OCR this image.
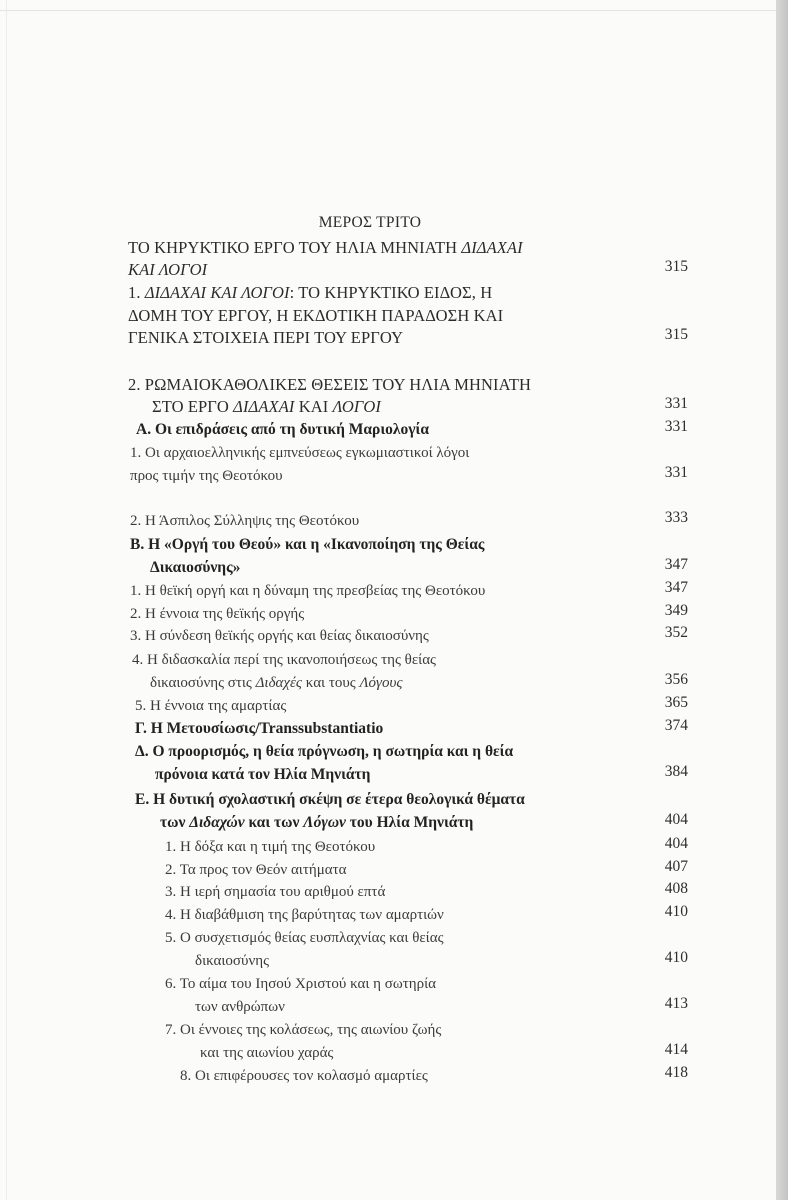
ΜΕΡΟΣ ΤΡΙΤΟ
ΤΟ ΚΗΡΥΚΤΙΚΟ ΕΡΓΟ ΤΟΥ ΗΛΙΑ ΜΗΝΙΑΤΗ ΔΙΔΑΧΑΙ
ΚΑΙ ΛΟΓΟΙ	315
1. ΔΙΔΑΧΑΙ ΚΑΙ ΛΟΓΟΙ: ΤΟ ΚΗΡΥΚΤΙΚΟ ΕΙΔΟΣ, Η
ΔΟΜΗ ΤΟΥ ΕΡΓΟΥ, Η ΕΚΔΟΤΙΚΗ ΠΑΡΑΔΟΣΗ ΚΑΙ
ΓΕΝΙΚΑ ΣΤΟΙΧΕΙΑ ΠΕΡΙ ΤΟΥ ΕΡΓΟΥ	315
2. ΡΩΜΑΙΟΚΑΘΟΛΙΚΕΣ ΘΕΣΕΙΣ ΤΟΥ ΗΛΙΑ ΜΗΝΙΑΤΗ
ΣΤΟ ΕΡΓΟ ΔΙΔΑΧΑΙ ΚΑΙ ΛΟΓΟΙ	331
Α. Οι επιδράσεις από τη δυτική Μαριολογία	331
1. Οι αρχαιοελληνικής εμπνεύσεως εγκωμιαστικοί λόγοι
προς τιμήν της Θεοτόκου	331
2. Η Άσπιλος Σύλληψις της Θεοτόκου	333
Β. Η «Οργή του Θεού» και η «Ικανοποίηση της Θείας
Δικαιοσύνης»	347
1. Η θεϊκή οργή και η δύναμη της πρεσβείας της Θεοτόκου	347
2. Η έννοια της θεϊκής οργής	349
3. Η σύνδεση θεϊκής οργής και θείας δικαιοσύνης	352
4. Η διδασκαλία περί της ικανοποιήσεως της θείας
δικαιοσύνης στις Διδαχές και τους Λόγους	356
5. Η έννοια της αμαρτίας	365
Γ. Η Μετουσίωσις/Transsubstantiatio	374
Δ. Ο προορισμός, η θεία πρόγνωση, η σωτηρία και η θεία
πρόνοια κατά τον Ηλία Μηνιάτη	384
Ε. Η δυτική σχολαστική σκέψη σε έτερα θεολογικά θέματα
των Διδαχών και των Λόγων του Ηλία Μηνιάτη	404
1. Η δόξα και η τιμή της Θεοτόκου	404
2. Τα προς τον Θεόν αιτήματα	407
3. Η ιερή σημασία του αριθμού επτά	408
4. Η διαβάθμιση της βαρύτητας των αμαρτιών	410
5. Ο συσχετισμός θείας ευσπλαχνίας και θείας
δικαιοσύνης	410
6. Το αίμα του Ιησού Χριστού και η σωτηρία
των ανθρώπων	413
7. Οι έννοιες της κολάσεως, της αιωνίου ζωής
και της αιωνίου χαράς	414
8. Οι επιφέρουσες τον κολασμό αμαρτίες	418
